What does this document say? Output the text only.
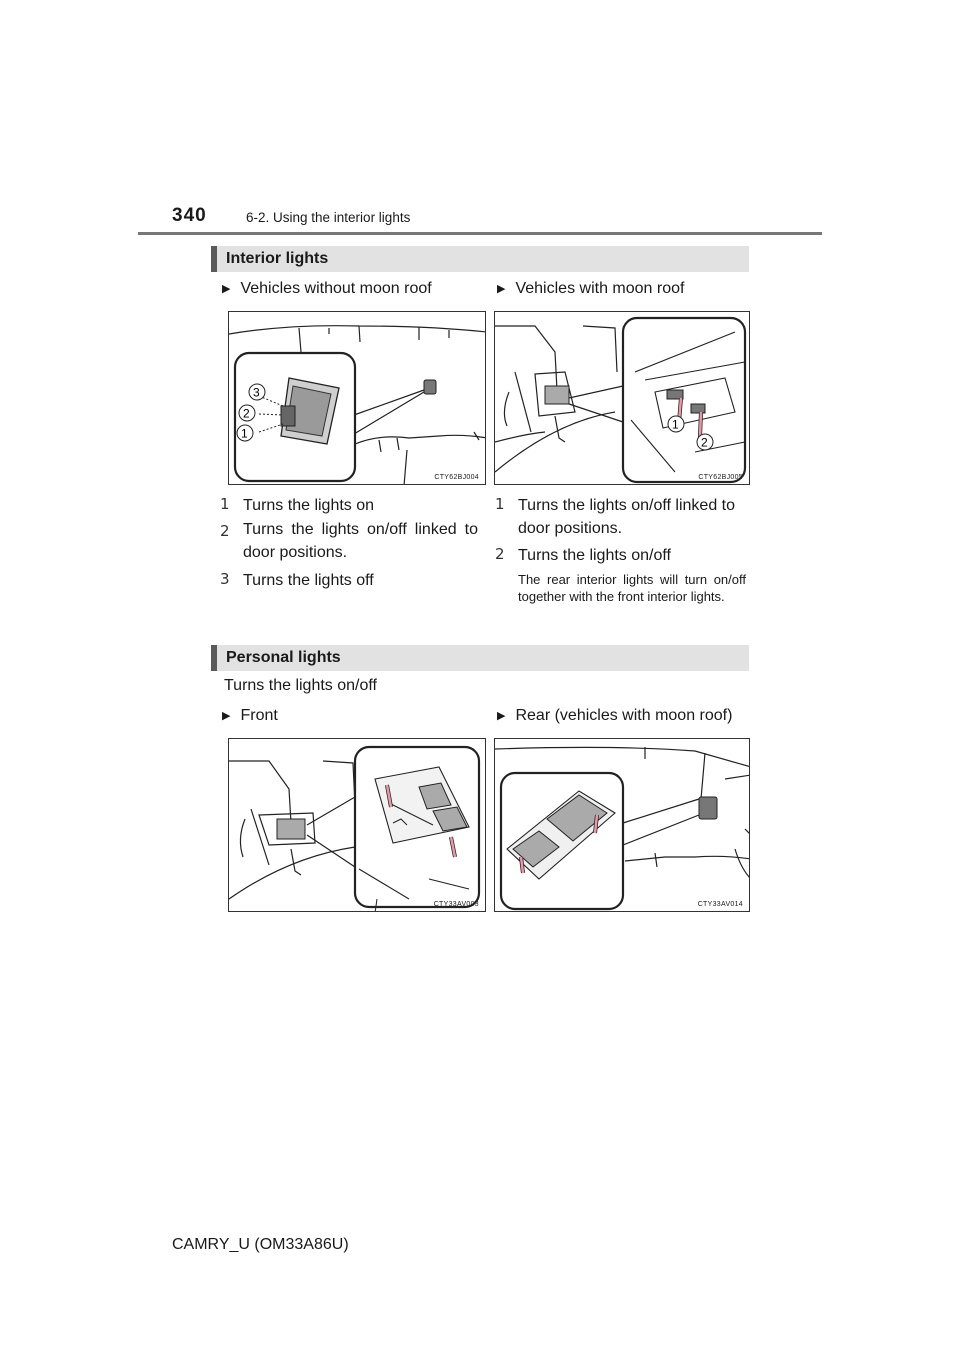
340	6-2. Using the interior lights
Interior lights
▶ Vehicles without moon roof	▶ Vehicles with moon roof
3
2
1
CTY62BJ004
1
2
CTY62BJ005
1 Turns the lights on
2 Turns the lights on/off linked to door positions.
3 Turns the lights off
1 Turns the lights on/off linked to door positions.
2 Turns the lights on/off
The rear interior lights will turn on/off together with the front interior lights.
Personal lights
Turns the lights on/off
▶ Front	▶ Rear (vehicles with moon roof)
CTY33AV003	CTY33AV014
CAMRY_U (OM33A86U)
